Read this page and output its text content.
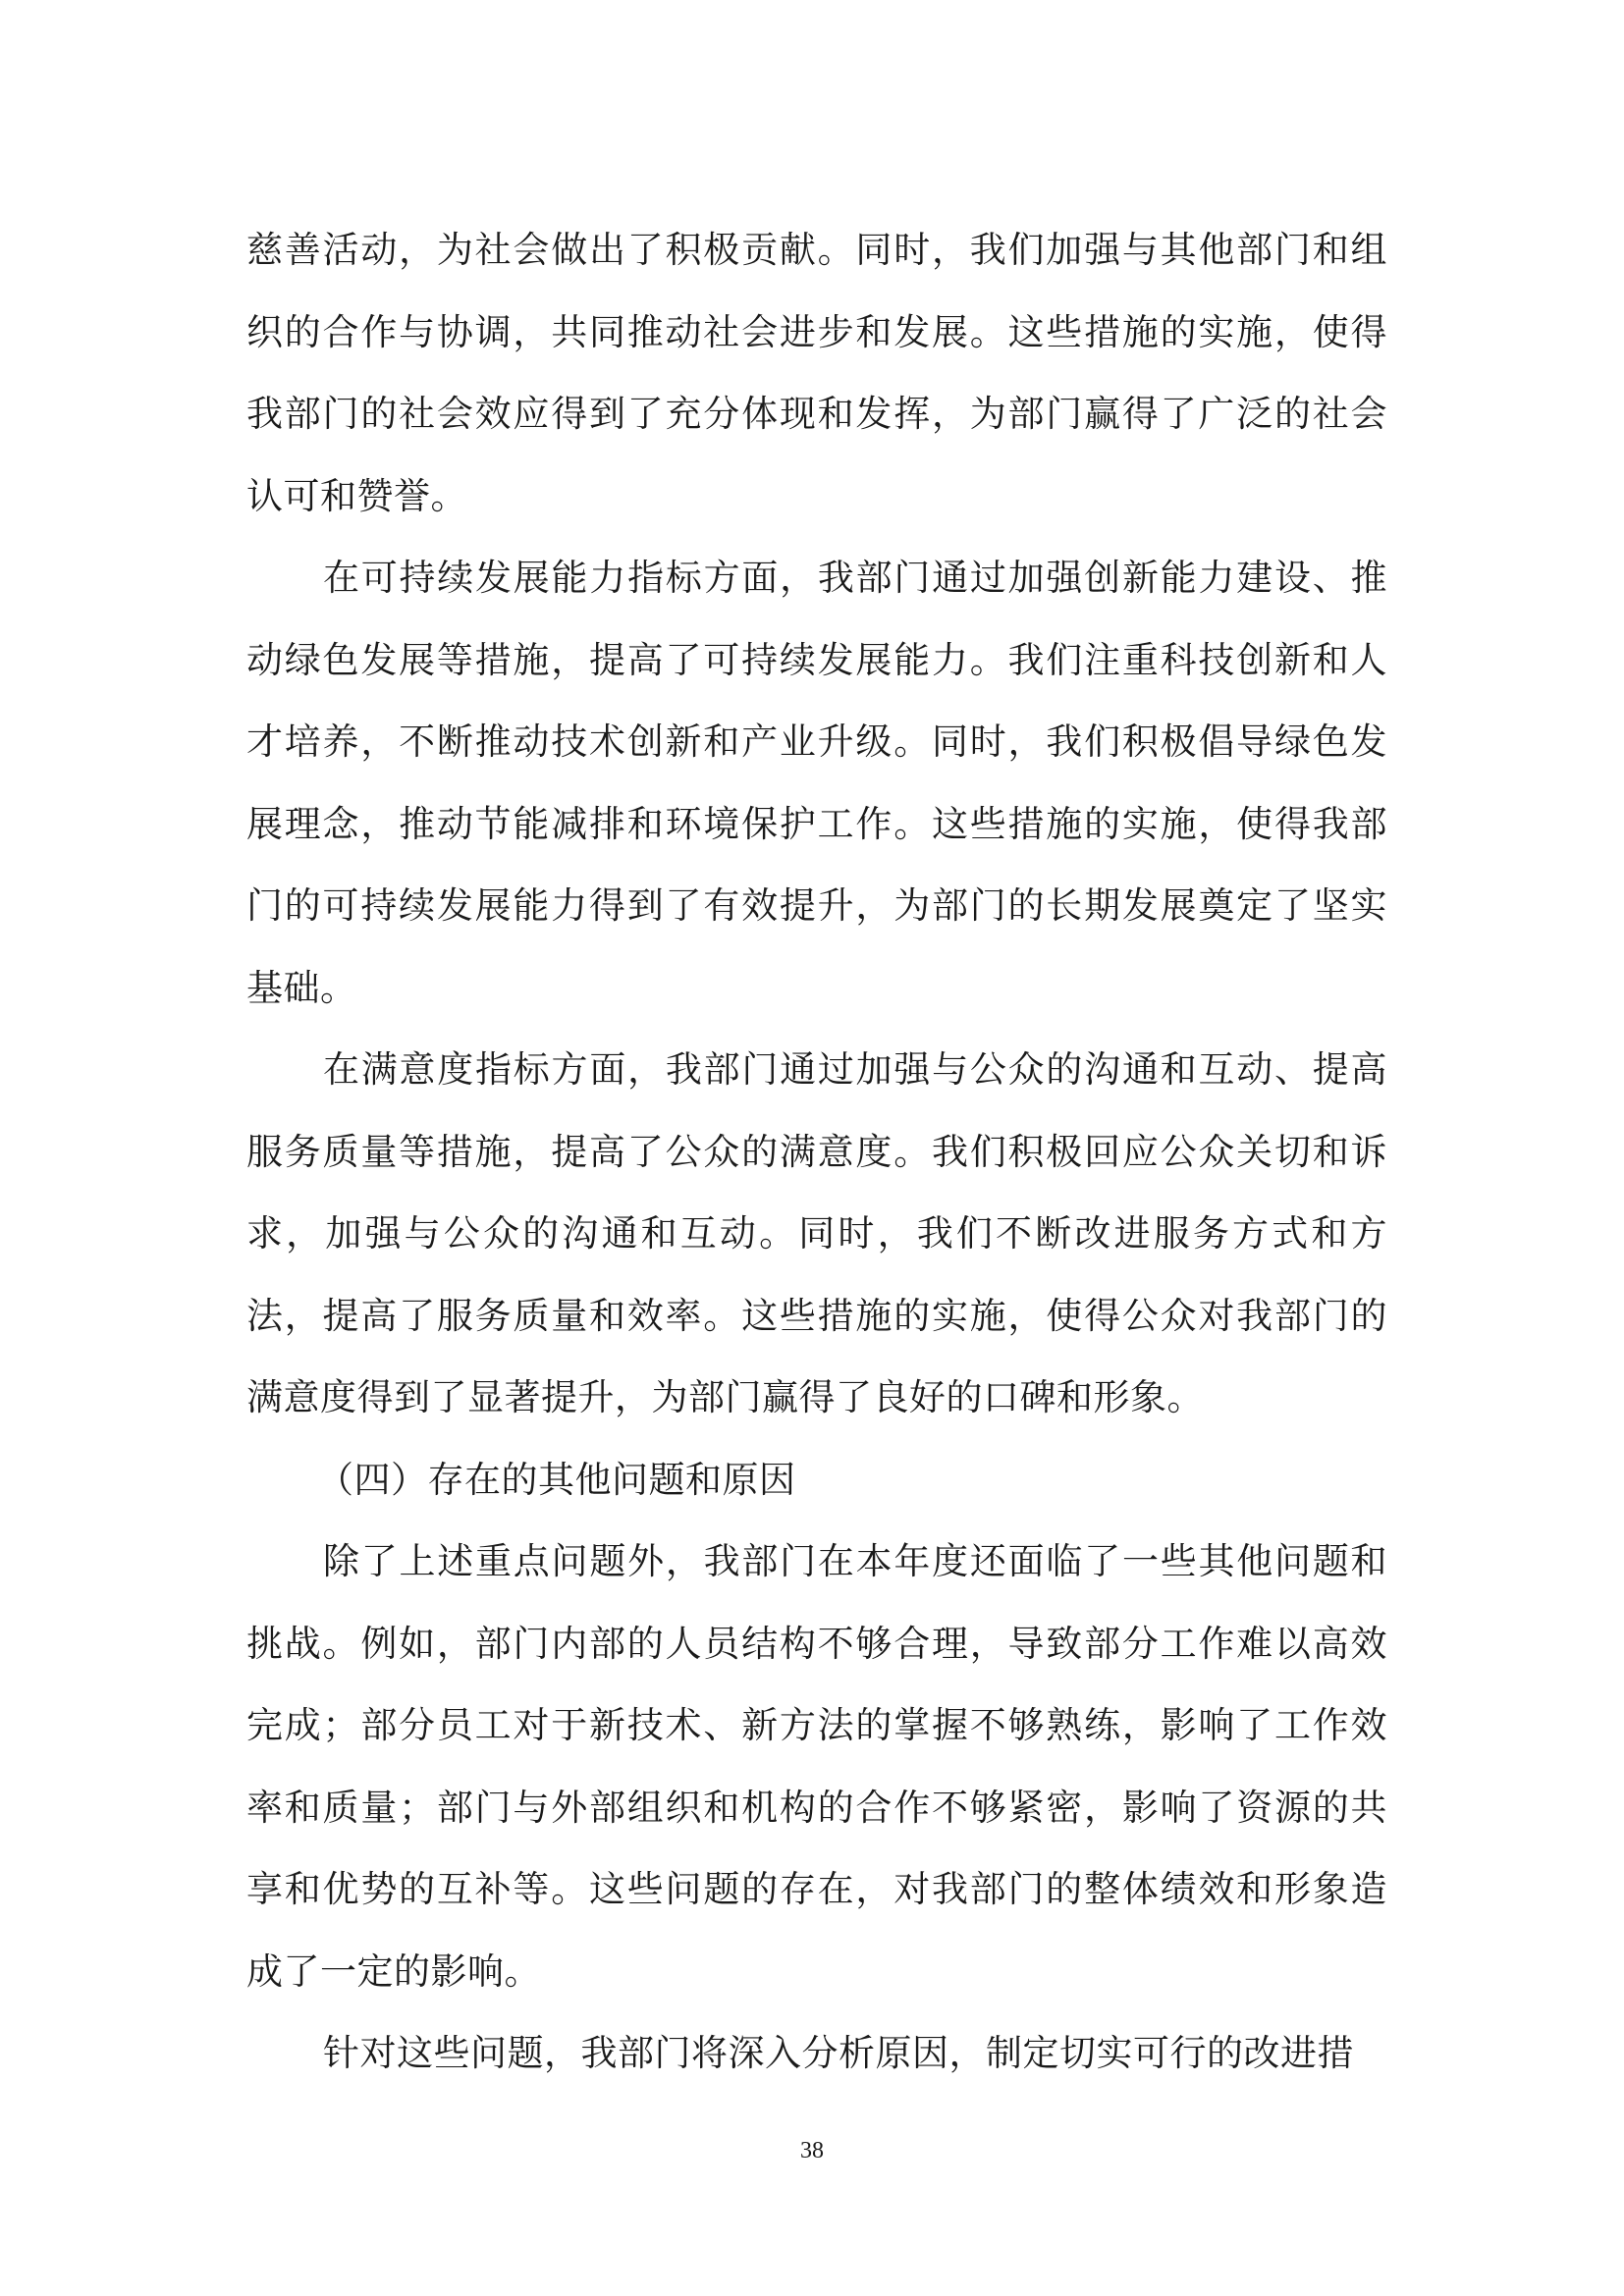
慈善活动，为社会做出了积极贡献。同时，我们加强与其他部门和组织的合作与协调，共同推动社会进步和发展。这些措施的实施，使得我部门的社会效应得到了充分体现和发挥，为部门赢得了广泛的社会认可和赞誉。

在可持续发展能力指标方面，我部门通过加强创新能力建设、推动绿色发展等措施，提高了可持续发展能力。我们注重科技创新和人才培养，不断推动技术创新和产业升级。同时，我们积极倡导绿色发展理念，推动节能减排和环境保护工作。这些措施的实施，使得我部门的可持续发展能力得到了有效提升，为部门的长期发展奠定了坚实基础。

在满意度指标方面，我部门通过加强与公众的沟通和互动、提高服务质量等措施，提高了公众的满意度。我们积极回应公众关切和诉求，加强与公众的沟通和互动。同时，我们不断改进服务方式和方法，提高了服务质量和效率。这些措施的实施，使得公众对我部门的满意度得到了显著提升，为部门赢得了良好的口碑和形象。

（四）存在的其他问题和原因

除了上述重点问题外，我部门在本年度还面临了一些其他问题和挑战。例如，部门内部的人员结构不够合理，导致部分工作难以高效完成；部分员工对于新技术、新方法的掌握不够熟练，影响了工作效率和质量；部门与外部组织和机构的合作不够紧密，影响了资源的共享和优势的互补等。这些问题的存在，对我部门的整体绩效和形象造成了一定的影响。

针对这些问题，我部门将深入分析原因，制定切实可行的改进措

38
